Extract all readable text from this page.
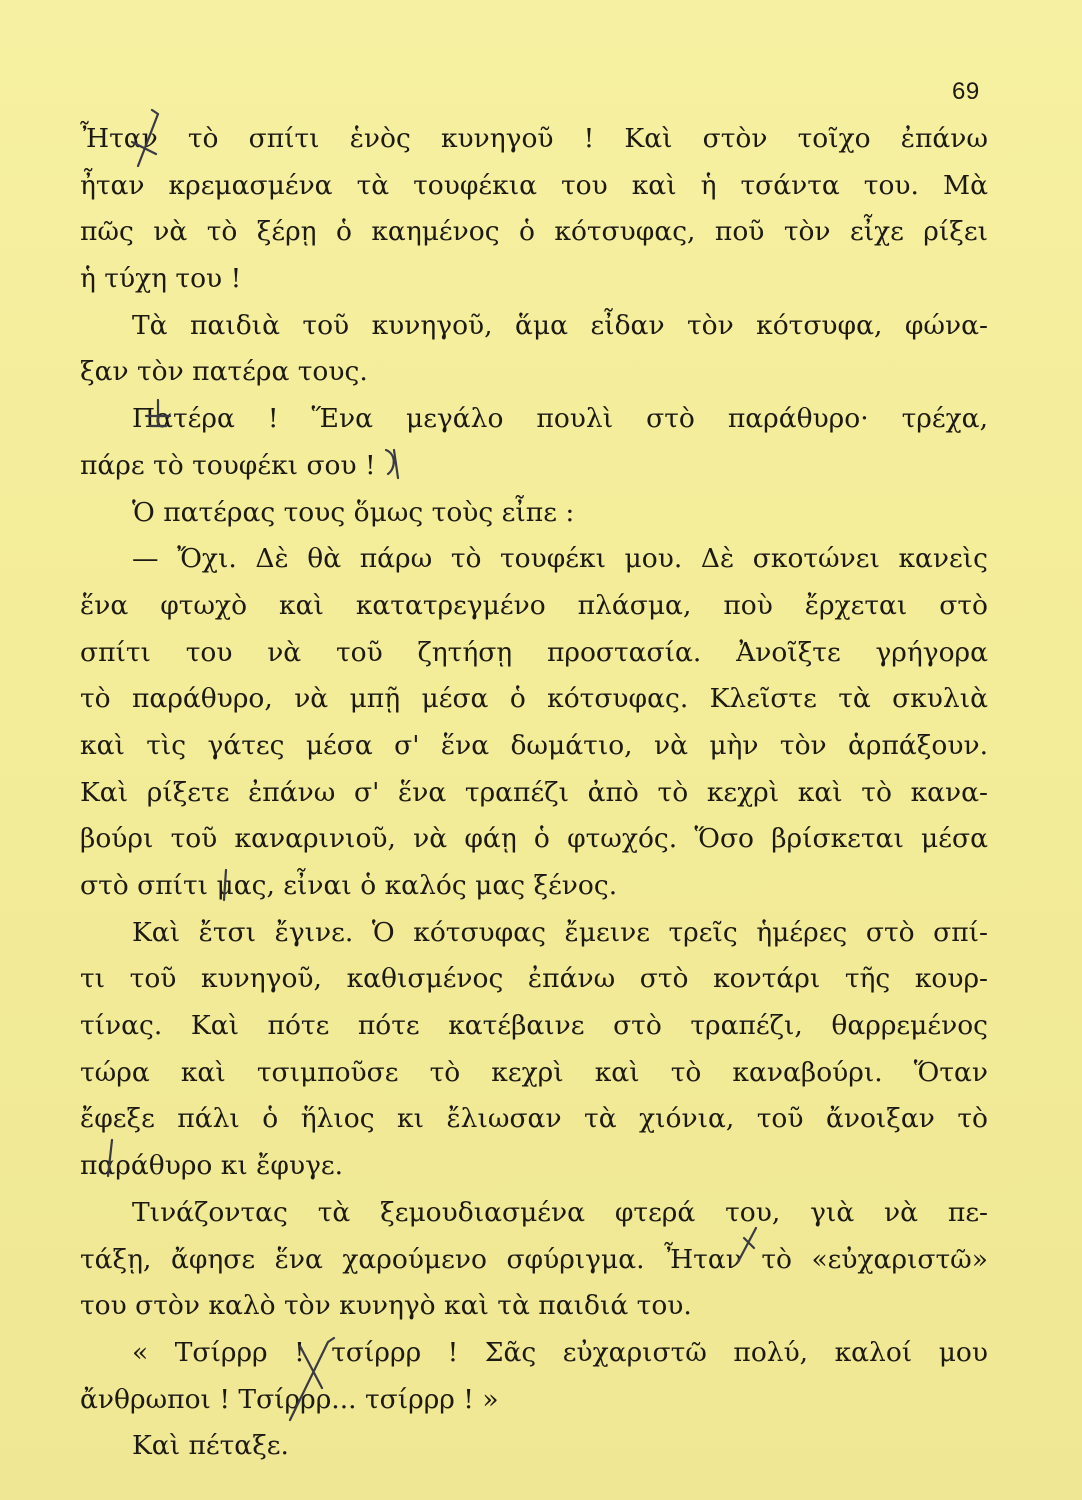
69
Ἦταν τὸ σπίτι ἑνὸς κυνηγοῦ ! Καὶ στὸν τοῖχο ἐπάνω
ἦταν κρεμασμένα τὰ τουφέκια του καὶ ἡ τσάντα του. Μὰ
πῶς νὰ τὸ ξέρῃ ὁ καημένος ὁ κότσυφας, ποῦ τὸν εἶχε ρίξει
ἡ τύχη του !
Τὰ παιδιὰ τοῦ κυνηγοῦ, ἅμα εἶδαν τὸν κότσυφα, φώνα-
ξαν τὸν πατέρα τους.
Πατέρα ! Ἕνα μεγάλο πουλὶ στὸ παράθυρο· τρέχα,
πάρε τὸ τουφέκι σου !
Ὁ πατέρας τους ὅμως τοὺς εἶπε :
— Ὄχι. Δὲ θὰ πάρω τὸ τουφέκι μου. Δὲ σκοτώνει κανεὶς
ἕνα φτωχὸ καὶ κατατρεγμένο πλάσμα, ποὺ ἔρχεται στὸ
σπίτι του νὰ τοῦ ζητήσῃ προστασία. Ἀνοῖξτε γρήγορα
τὸ παράθυρο, νὰ μπῇ μέσα ὁ κότσυφας. Κλεῖστε τὰ σκυλιὰ
καὶ τὶς γάτες μέσα σ' ἕνα δωμάτιο, νὰ μὴν τὸν ἁρπάξουν.
Καὶ ρίξετε ἐπάνω σ' ἕνα τραπέζι ἀπὸ τὸ κεχρὶ καὶ τὸ κανα-
βούρι τοῦ καναρινιοῦ, νὰ φάῃ ὁ φτωχός. Ὅσο βρίσκεται μέσα
στὸ σπίτι μας, εἶναι ὁ καλός μας ξένος.
Καὶ ἔτσι ἔγινε. Ὁ κότσυφας ἔμεινε τρεῖς ἡμέρες στὸ σπί-
τι τοῦ κυνηγοῦ, καθισμένος ἐπάνω στὸ κοντάρι τῆς κουρ-
τίνας. Καὶ πότε πότε κατέβαινε στὸ τραπέζι, θαρρεμένος
τώρα καὶ τσιμποῦσε τὸ κεχρὶ καὶ τὸ καναβούρι. Ὅταν
ἔφεξε πάλι ὁ ἥλιος κι ἔλιωσαν τὰ χιόνια, τοῦ ἄνοιξαν τὸ
παράθυρο κι ἔφυγε.
Τινάζοντας τὰ ξεμουδιασμένα φτερά του, γιὰ νὰ πε-
τάξῃ, ἄφησε ἕνα χαρούμενο σφύριγμα. Ἦταν τὸ «εὐχαριστῶ»
του στὸν καλὸ τὸν κυνηγὸ καὶ τὰ παιδιά του.
« Τσίρρρ ! τσίρρρ ! Σᾶς εὐχαριστῶ πολύ, καλοί μου
ἄνθρωποι ! Τσίρρρ... τσίρρρ ! »
Καὶ πέταξε.
